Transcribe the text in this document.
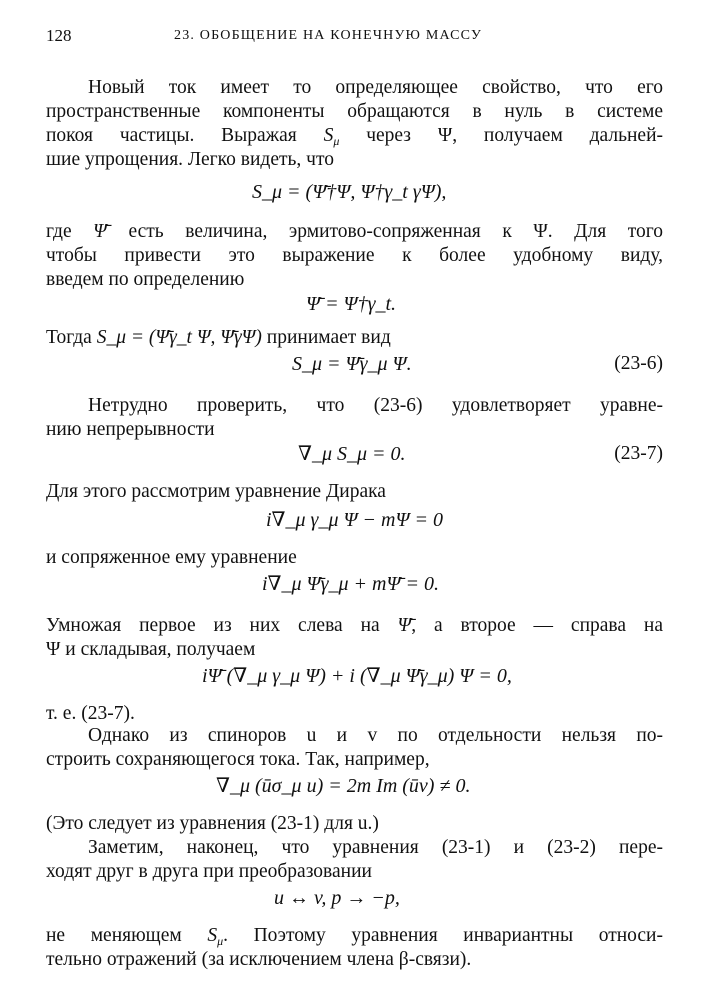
128	23. ОБОБЩЕНИЕ НА КОНЕЧНУЮ МАССУ
Новый ток имеет то определяющее свойство, что его
пространственные компоненты обращаются в нуль в системе
покоя частицы. Выражая $S_\mu$ через Ψ, получаем дальней-
шие упрощения. Легко видеть, что
S_μ = (Ψ̄†Ψ, Ψ†γ_t γΨ),
где Ψ̄ есть величина, эрмитово-сопряженная к Ψ. Для того
чтобы привести это выражение к более удобному виду,
введем по определению
Ψ̄ = Ψ†γ_t.
Тогда S_μ = (Ψ̄γ_t Ψ, Ψ̄γΨ) принимает вид
S_μ = Ψ̄γ_μ Ψ.	(23-6)
Нетрудно проверить, что (23-6) удовлетворяет уравне-
нию непрерывности
∇_μ S_μ = 0.	(23-7)
Для этого рассмотрим уравнение Дирака
i∇_μ γ_μ Ψ − mΨ = 0
и сопряженное ему уравнение
i∇_μ Ψ̄γ_μ + mΨ̄ = 0.
Умножая первое из них слева на Ψ̄, а второе — справа на
Ψ и складывая, получаем
iΨ̄ (∇_μ γ_μ Ψ) + i (∇_μ Ψ̄γ_μ) Ψ = 0,
т. е. (23-7).
Однако из спиноров u и v по отдельности нельзя по-
строить сохраняющегося тока. Так, например,
∇_μ (ūσ_μ u) = 2m Im (ūv) ≠ 0.
(Это следует из уравнения (23-1) для u.)
Заметим, наконец, что уравнения (23-1) и (23-2) пере-
ходят друг в друга при преобразовании
u ↔ v, p → −p,
не меняющем $S_\mu$. Поэтому уравнения инвариантны относи-
тельно отражений (за исключением члена β-связи).
